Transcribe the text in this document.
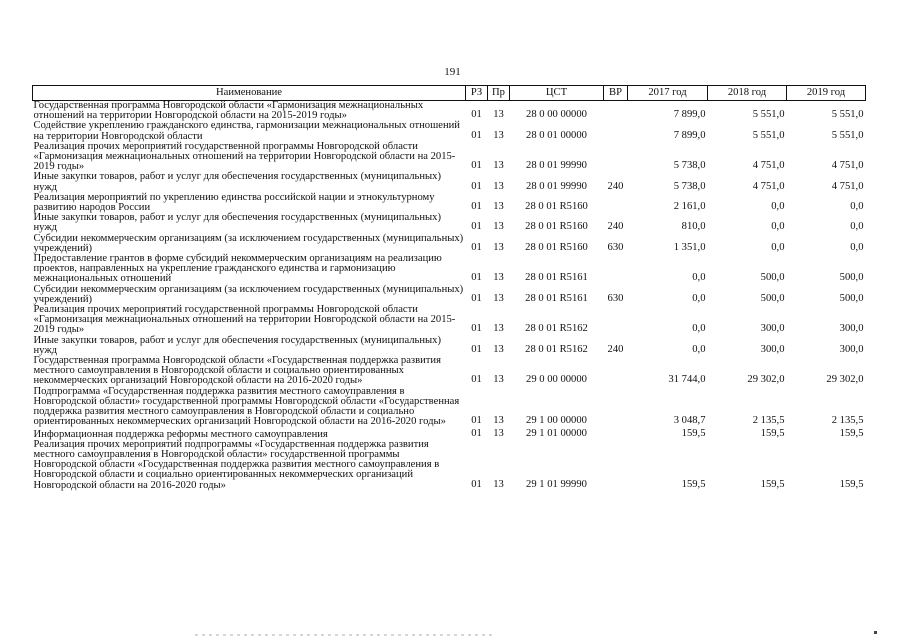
191
Наименование	РЗ	Пр	ЦСТ	ВР	2017 год	2018 год	2019 год
Государственная программа Новгородской области «Гармонизация межнациональных отношений на территории Новгородской области на 2015-2019 годы»	01	13	28 0 00 00000		7 899,0	5 551,0	5 551,0
Содействие укреплению гражданского единства, гармонизации межнациональных отношений на территории Новгородской области	01	13	28 0 01 00000		7 899,0	5 551,0	5 551,0
Реализация прочих мероприятий государственной программы Новгородской области «Гармонизация межнациональных отношений на территории Новгородской области на 2015-2019 годы»	01	13	28 0 01 99990		5 738,0	4 751,0	4 751,0
Иные закупки товаров, работ и услуг для обеспечения государственных (муниципальных) нужд	01	13	28 0 01 99990	240	5 738,0	4 751,0	4 751,0
Реализация мероприятий по укреплению единства российской нации и этнокультурному развитию народов России	01	13	28 0 01 R5160		2 161,0	0,0	0,0
Иные закупки товаров, работ и услуг для обеспечения государственных (муниципальных) нужд	01	13	28 0 01 R5160	240	810,0	0,0	0,0
Субсидии некоммерческим организациям (за исключением государственных (муниципальных) учреждений)	01	13	28 0 01 R5160	630	1 351,0	0,0	0,0
Предоставление грантов в форме субсидий некоммерческим организациям на реализацию проектов, направленных на укрепление гражданского единства и гармонизацию межнациональных отношений	01	13	28 0 01 R5161		0,0	500,0	500,0
Субсидии некоммерческим организациям (за исключением государственных (муниципальных) учреждений)	01	13	28 0 01 R5161	630	0,0	500,0	500,0
Реализация прочих мероприятий государственной программы Новгородской области «Гармонизация межнациональных отношений на территории Новгородской области на 2015-2019 годы»	01	13	28 0 01 R5162		0,0	300,0	300,0
Иные закупки товаров, работ и услуг для обеспечения государственных (муниципальных) нужд	01	13	28 0 01 R5162	240	0,0	300,0	300,0
Государственная программа Новгородской области «Государственная поддержка развития местного самоуправления в Новгородской области и социально ориентированных некоммерческих организаций Новгородской области на 2016-2020 годы»	01	13	29 0 00 00000		31 744,0	29 302,0	29 302,0
Подпрограмма «Государственная поддержка развития местного самоуправления в Новгородской области» государственной программы Новгородской области «Государственная поддержка развития местного самоуправления в Новгородской области и социально ориентированных некоммерческих организаций Новгородской области на 2016-2020 годы»	01	13	29 1 00 00000		3 048,7	2 135,5	2 135,5
Информационная поддержка реформы местного самоуправления	01	13	29 1 01 00000		159,5	159,5	159,5
Реализация прочих мероприятий подпрограммы «Государственная поддержка развития местного самоуправления в Новгородской области» государственной программы Новгородской области «Государственная поддержка развития местного самоуправления в Новгородской области и социально ориентированных некоммерческих организаций Новгородской области на 2016-2020 годы»	01	13	29 1 01 99990		159,5	159,5	159,5
